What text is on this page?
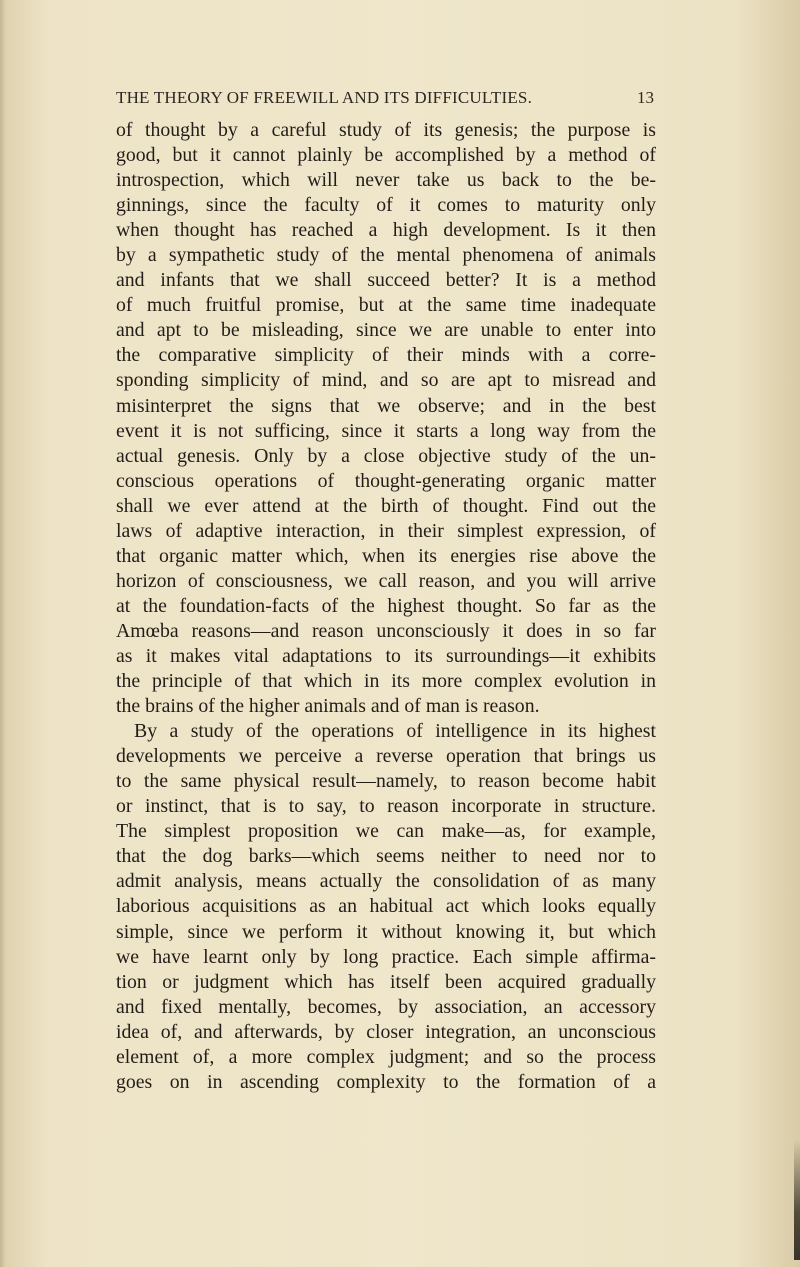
THE THEORY OF FREEWILL AND ITS DIFFICULTIES.	13
of thought by a careful study of its genesis; the purpose is
good, but it cannot plainly be accomplished by a method of
introspection, which will never take us back to the be-
ginnings, since the faculty of it comes to maturity only
when thought has reached a high development. Is it then
by a sympathetic study of the mental phenomena of animals
and infants that we shall succeed better? It is a method
of much fruitful promise, but at the same time inadequate
and apt to be misleading, since we are unable to enter into
the comparative simplicity of their minds with a corre-
sponding simplicity of mind, and so are apt to misread and
misinterpret the signs that we observe; and in the best
event it is not sufficing, since it starts a long way from the
actual genesis. Only by a close objective study of the un-
conscious operations of thought-generating organic matter
shall we ever attend at the birth of thought. Find out the
laws of adaptive interaction, in their simplest expression, of
that organic matter which, when its energies rise above the
horizon of consciousness, we call reason, and you will arrive
at the foundation-facts of the highest thought. So far as the
Amœba reasons—and reason unconsciously it does in so far
as it makes vital adaptations to its surroundings—it exhibits
the principle of that which in its more complex evolution in
the brains of the higher animals and of man is reason.
By a study of the operations of intelligence in its highest
developments we perceive a reverse operation that brings us
to the same physical result—namely, to reason become habit
or instinct, that is to say, to reason incorporate in structure.
The simplest proposition we can make—as, for example,
that the dog barks—which seems neither to need nor to
admit analysis, means actually the consolidation of as many
laborious acquisitions as an habitual act which looks equally
simple, since we perform it without knowing it, but which
we have learnt only by long practice. Each simple affirma-
tion or judgment which has itself been acquired gradually
and fixed mentally, becomes, by association, an accessory
idea of, and afterwards, by closer integration, an unconscious
element of, a more complex judgment; and so the process
goes on in ascending complexity to the formation of a
